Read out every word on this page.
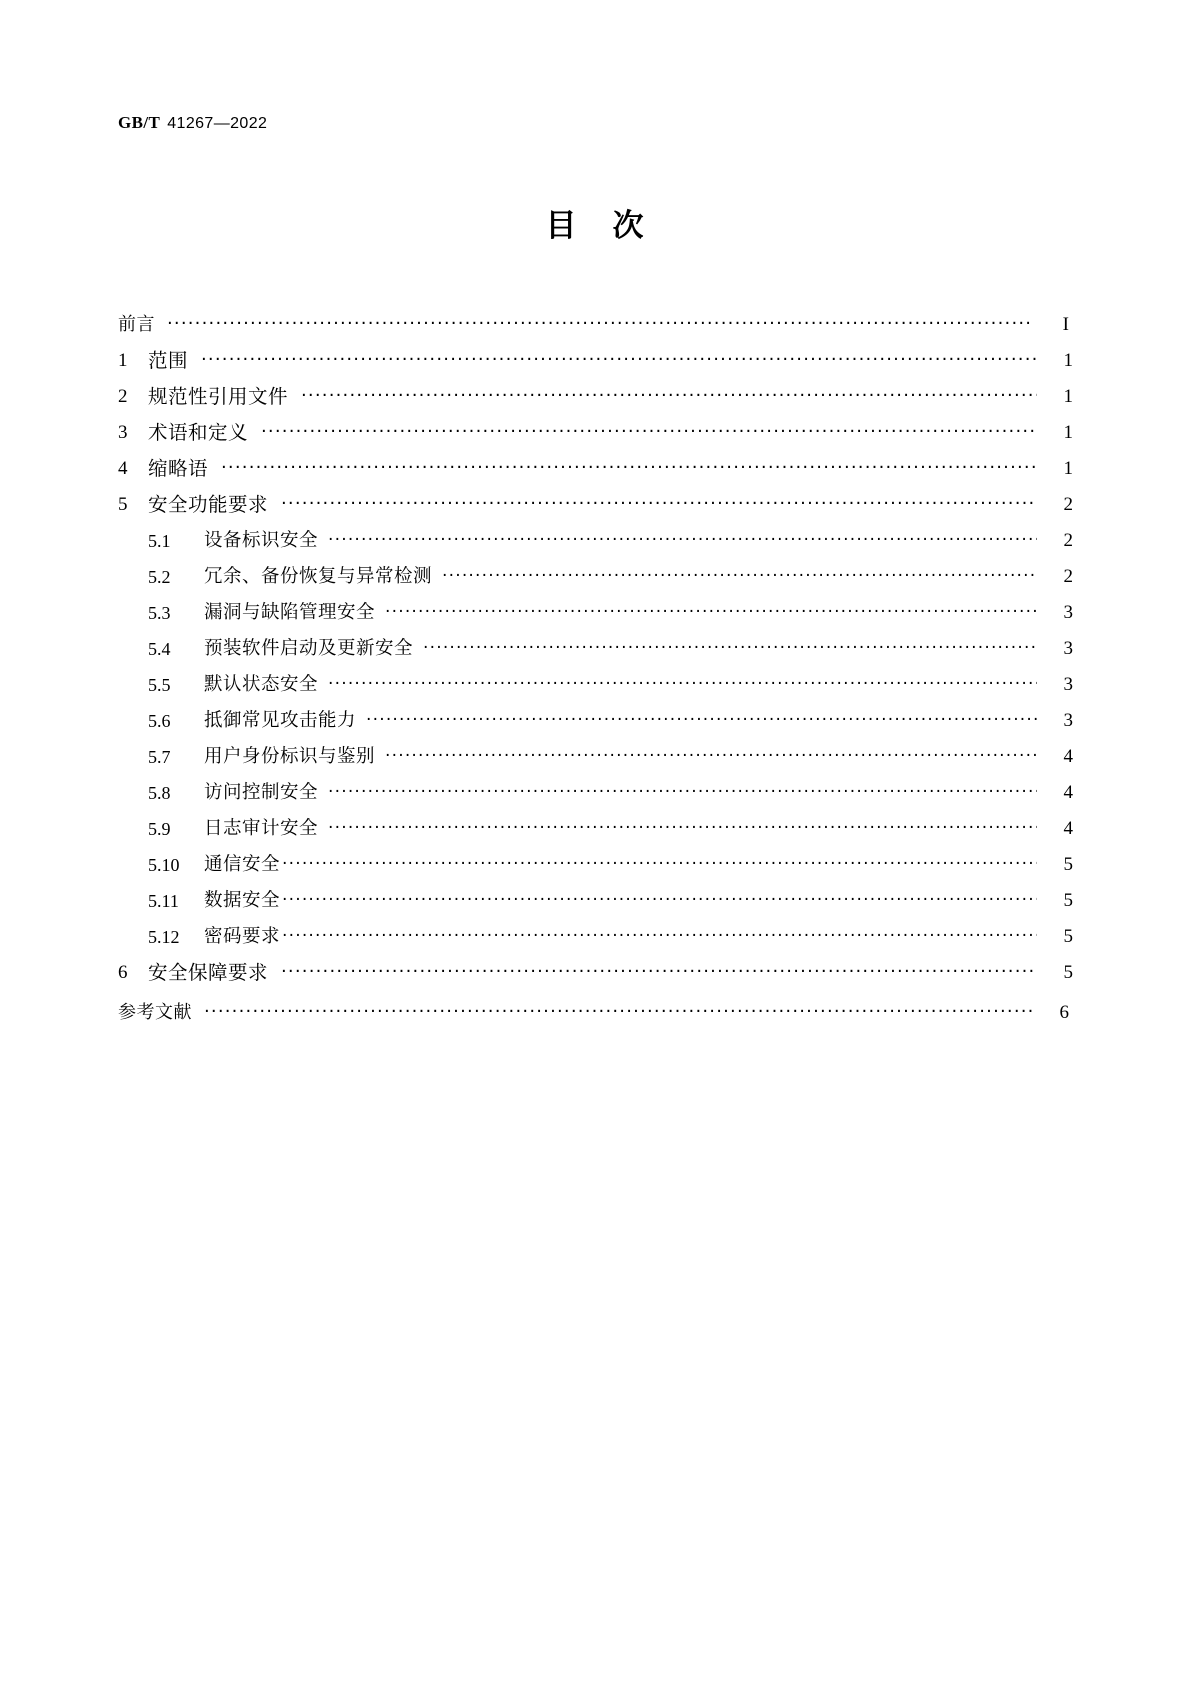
GB/T 41267—2022
目 次
前言 ·····	I
1	范围 ·····	1
2	规范性引用文件 ·····	1
3	术语和定义 ·····	1
4	缩略语 ·····	1
5	安全功能要求 ·····	2
5.1	设备标识安全 ·····	2
5.2	冗余、备份恢复与异常检测 ·····	2
5.3	漏洞与缺陷管理安全 ·····	3
5.4	预装软件启动及更新安全 ·····	3
5.5	默认状态安全 ·····	3
5.6	抵御常见攻击能力 ·····	3
5.7	用户身份标识与鉴别 ·····	4
5.8	访问控制安全 ·····	4
5.9	日志审计安全 ·····	4
5.10	通信安全 ·····	5
5.11	数据安全 ·····	5
5.12	密码要求 ·····	5
6	安全保障要求 ·····	5
参考文献 ·····	6
